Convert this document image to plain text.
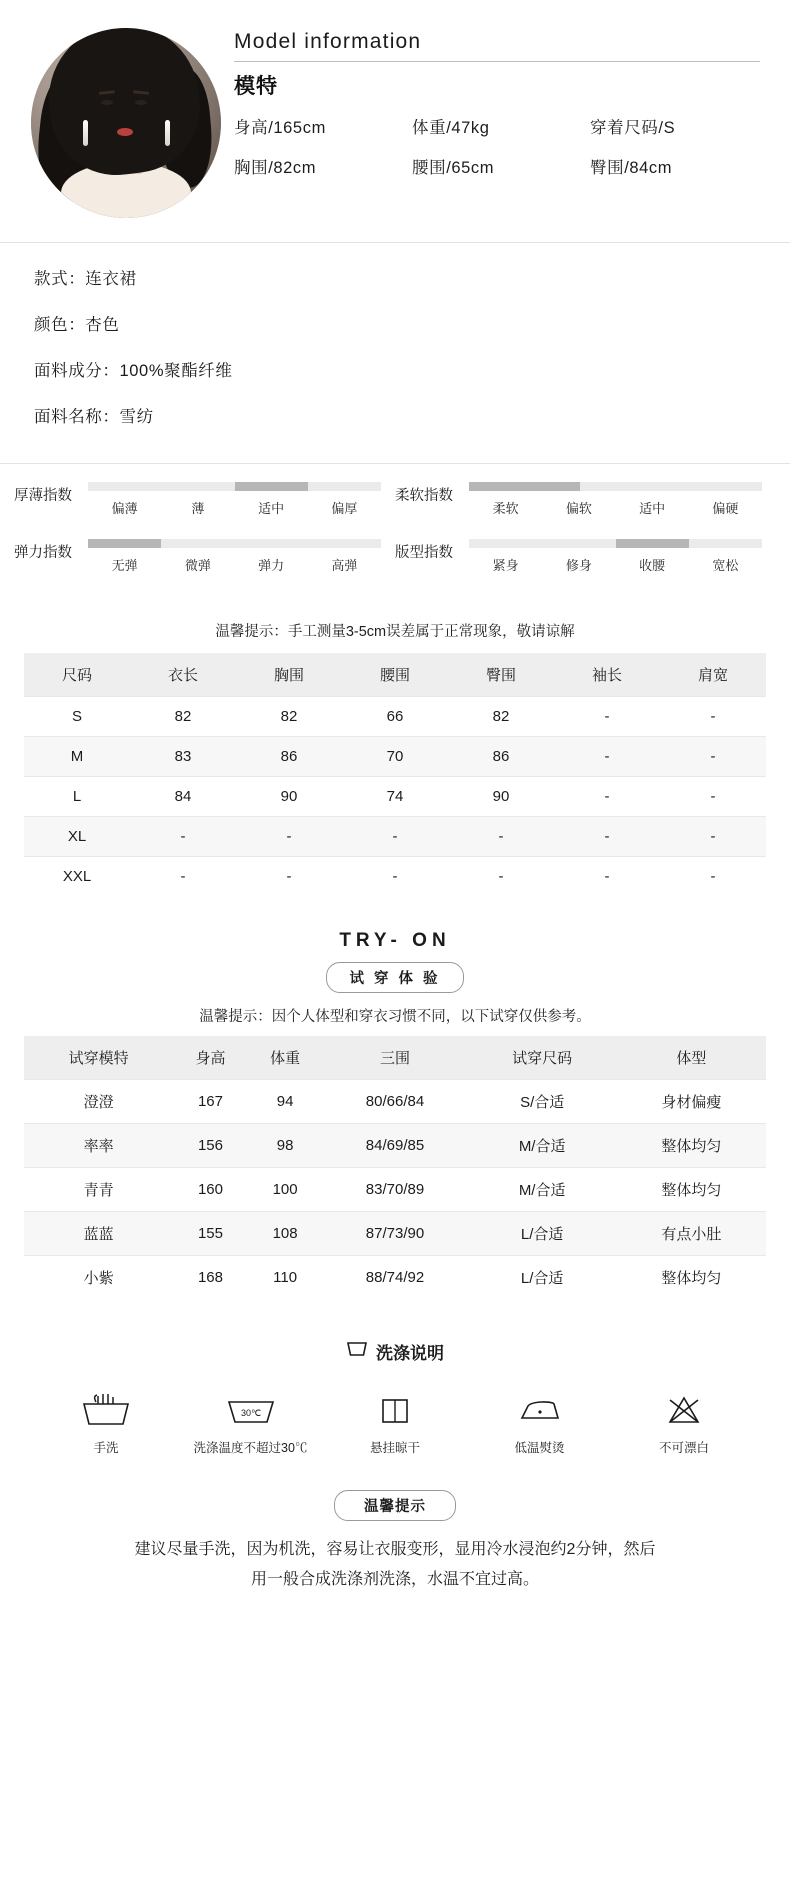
Model information
模特
身高/165cm	体重/47kg	穿着尺码/S
胸围/82cm	腰围/65cm	臀围/84cm
款式：连衣裙
颜色：杏色
面料成分：100%聚酯纤维
面料名称：雪纺
厚薄指数
偏薄	薄	适中	偏厚
柔软指数
柔软	偏软	适中	偏硬
弹力指数
无弹	微弹	弹力	高弹
版型指数
紧身	修身	收腰	宽松
温馨提示：手工测量3-5cm误差属于正常现象，敬请谅解
尺码	衣长	胸围	腰围	臀围	袖长	肩宽
S	82	82	66	82	-	-
M	83	86	70	86	-	-
L	84	90	74	90	-	-
XL	-	-	-	-	-	-
XXL	-	-	-	-	-	-
TRY- ON
试 穿 体 验
温馨提示：因个人体型和穿衣习惯不同，以下试穿仅供参考。
试穿模特	身高	体重	三围	试穿尺码	体型
澄澄	167	94	80/66/84	S/合适	身材偏瘦
率率	156	98	84/69/85	M/合适	整体均匀
青青	160	100	83/70/89	M/合适	整体均匀
蓝蓝	155	108	87/73/90	L/合适	有点小肚
小紫	168	110	88/74/92	L/合适	整体均匀
洗涤说明
手洗
30℃
洗涤温度不超过30℃	悬挂晾干	低温熨烫	不可漂白
温馨提示
建议尽量手洗，因为机洗，容易让衣服变形，显用冷水浸泡约2分钟，然后
用一般合成洗涤剂洗涤，水温不宜过高。
